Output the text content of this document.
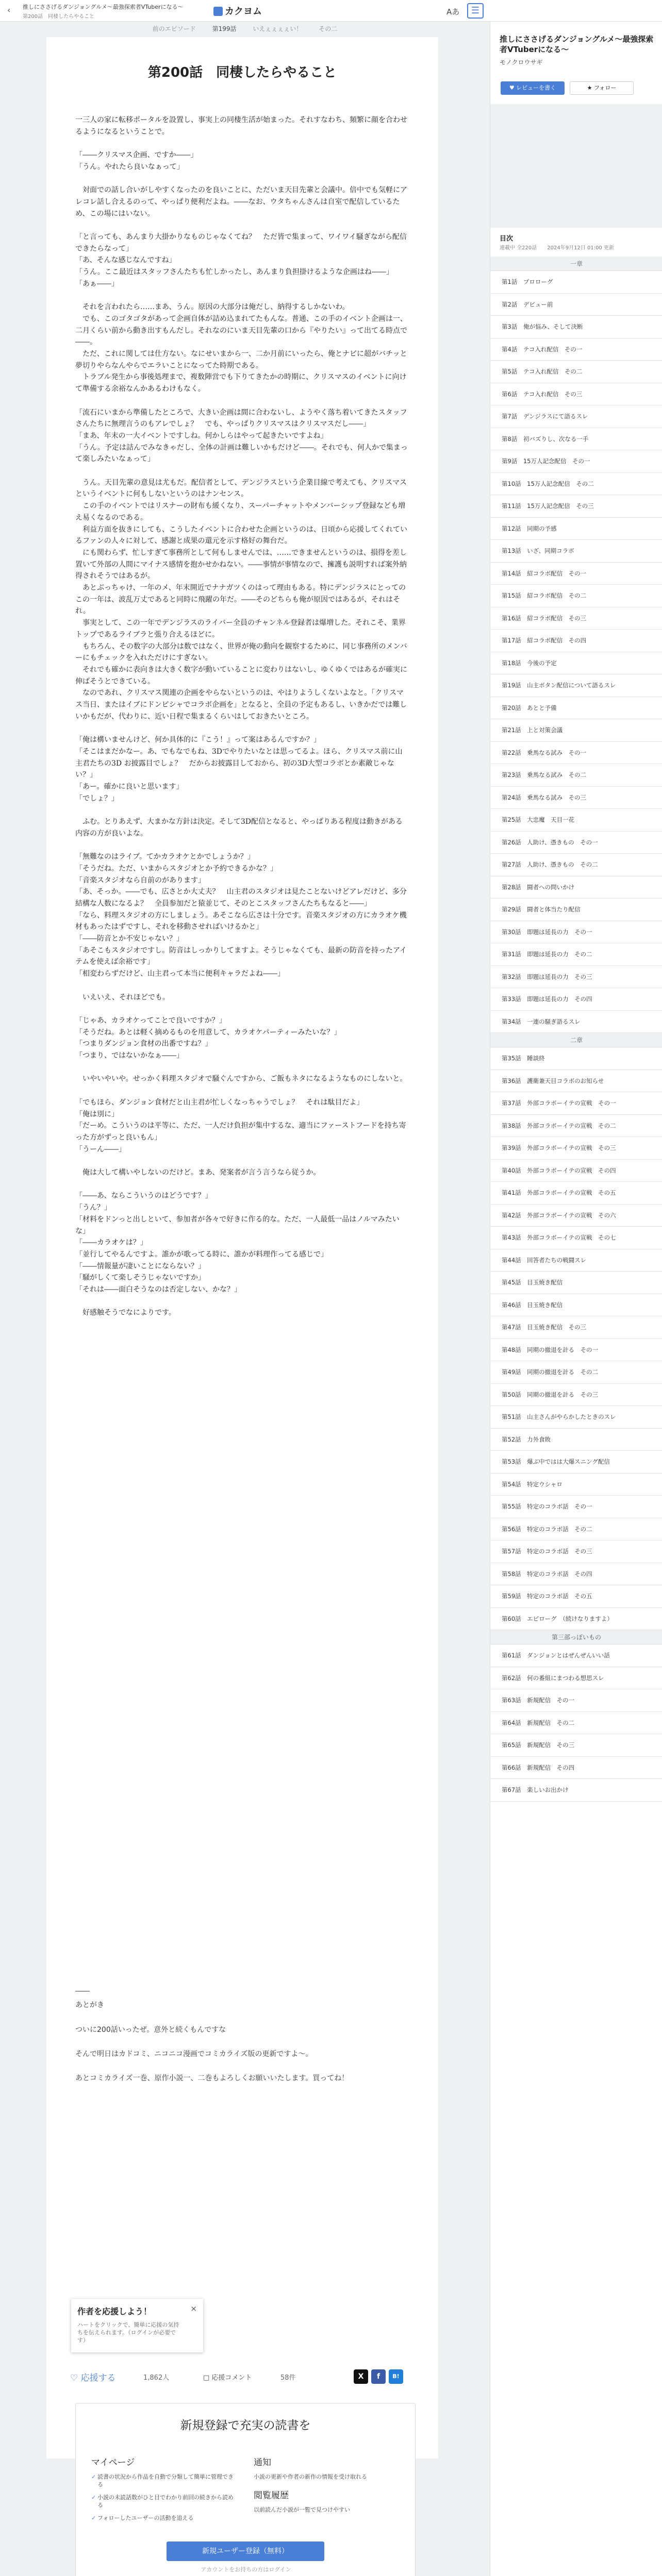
‹ 推しにささげるダンジョングルメ〜最強探索者VTuberになる〜
第200話　同棲したらやること	カクヨム	Aあ	☰
前のエピソード	第199話	いえぇぇぇぇい！	その二
第200話　同棲したらやること

一三人の家に転移ポータルを設置し、事実上の同棲生活が始まった。それすなわち、頻繁に顔を合わせるようになるということで。

「――クリスマス企画、ですか――」

「うん。やれたら良いなぁって」

　対面での話し合いがしやすくなったのを良いことに、ただいま天目先輩と会議中。倍中でも気軽にアレコレ話し合えるのって、やっぱり便利だよね。――なお、ウタちゃんさんは自室で配信しているため、この場にはいない。

「と言っても、あんまり大掛かりなものじゃなくてね？　ただ皆で集まって、ワイワイ騒ぎながら配信できたらなって」

「あ、そんな感じなんですね」

「うん。ここ最近はスタッフさんたちも忙しかったし、あんまり負担掛けるような企画はね――」

「あぁ――」

　それを言われたら……まあ、うん。原因の大部分は俺だし、納得するしかないわ。

　でも、このゴタゴタがあって企画自体が詰め込まれてたもんな。普通、この手のイベント企画は一、二月くらい前から動き出すもんだし。それなのにいま天目先輩の口から『やりたい』って出てる時点で――。

　ただ、これに関しては仕方ない。なにせいまから一、二か月前にいったら、俺とナビに超がバチッと夢切りやらなんやらでエラいことになってた時期である。

　トラブル発生から事後処理まで、複数陣営でも下りてきたかの時期に、クリスマスのイベントに向けて準備する余裕なんかあるわけもなく。

「流石にいまから準備したところで、大きい企画は間に合わないし、ようやく落ち着いてきたスタッフさんたちに無理言うのもアレでしょ？　でも、やっぱりクリスマスはクリスマスだし――」

「まあ、年末の一大イベントですしね。何かしらはやって起きたいですよね」

「うん。予定は詰んでみなきゃだし、全体の計画は難しいかもだけど――。それでも、何人かで集まって楽しみたいなぁって」

　うん。天目先輩の意見は尤もだ。配信者として、デンジラスという企業目線で考えても、クリスマスというイベントに何もしないというのはナンセンス。

　この手のイベントではリスナーの財布も緩くなり、スーパーチャットやメンバーシップ登録なども増え易くなるのである。

　利益方面を抜きにしても、こうしたイベントに合わせた企画というのは、日頃から応援してくれているファンの人々に対して、感謝と成果の還元を示す格好の舞台だ。

　にも関わらず、忙しすぎて事務所として何もしませんでは、……できませんというのは、損得を差し置いて外部の人間にマイナス感情を抱かせかねない。――事情が事情なので、擁護も説明すれば案外納得されそうではあるが。

　あとぶっちゃけ、一年のメ、年末開近でナナガツくのはって理由もある。特にデンジラスにとってのこの一年は、波乱万丈であると同時に飛躍の年だ。――そのどちらも俺が原因ではあるが、それはそれ。

　事実として、この一年でデンジラスのライバー全員のチャンネル登録者は爆増した。それこそ、業界トップであるライブラと張り合えるほどに。

　もちろん、その数字の大部分は数ではなく、世界が俺の動向を観察するために、同じ事務所のメンバーにもチェックを入れただけにすぎない。

　それでも確かに表向きは大きく数字が動いていることに変わりはないし、ゆくゆくではあるが確実に伸ばそうとできている。

　なのであれ、クリスマス関連の企画をやらないというのは、やはりようしくないよなと。「クリスマス当日、またはイブにドンピシャでコラボ企画を」となると、全員の予定もあるし、いきかだでは難しいかもだが、代わりに、近い日程で集まるくらいはしておきたいところ。

「俺は構いませんけど、何か具体的に『こう！』って案はあるんですか？」

「そこはまだかなー。あ、でもなでもね、3Dでやりたいなとは思ってるよ。ほら、クリスマス前に山主君たちの3D お披露目でしょ？　だからお披露目しておから、初の3D大型コラボとか素敵じゃない？」

「あー。確かに良いと思います」

「でしょ？」

　ふむ。とりあえず、大まかな方針は決定。そして3D配信となると、やっぱりある程度は動きがある内容の方が良いよな。

「無難なのはライブ。てかカラオケとかでしょうか？」

「そうだね。ただ、いまからスタジオとか予約できるかな？」

「音楽スタジオなら自前のがあります」

「あ、そっか。――でも、広さとか大丈夫？　山主君のスタジオは見たことないけどアレだけど、多分結構な人数になるよ？　全員参加だと猿並じて、そのとこスタッフさんたちもなると――」

「なら、料理スタジオの方にしましょう。あそこなら広さは十分です。音楽スタジオの方にカラオケ機材もあったはずですし、それを移動させればいけるかと」

「――防音とか不安じゃない？」

「あそこもスタジオですし。防音はしっかりしてますよ。そうじゃなくても、最新の防音を持ったアイテムを使えば余裕です」

「相変わらずだけど、山主君って本当に便利キャラだよね――」

　いえいえ、それほどでも。

「じゃあ、カラオケってことで良いですか？」

「そうだね。あとは軽く摘めるものを用意して、カラオケパーティーみたいな？」

「つまりダンジョン食材の出番ですね？」

「つまり、ではないかなぁ――」

　いやいやいや。せっかく料理スタジオで騒ぐんですから、ご飯もネタになるようなものにしないと。

「でもほら、ダンジョン食材だと山主君が忙しくなっちゃうでしょ？　それは駄目だよ」

「俺は別に」

「だーめ。こういうのは平等に、ただ、一人だけ負担が集中するな、適当にファーストフードを持ち寄った方がずっと良いもん」

「うーん――」

　俺は大して構いやしないのだけど。まあ、発案者が言う言うなら従うか。

「――あ、ならこういうのはどうです？」

「うん？」

「材料をドンっと出しといて、参加者が各々で好きに作る的な。ただ、一人最低一品はノルマみたいな」

「――カラオケは？」

「並行してやるんですよ。誰かが歌ってる時に、誰かが料理作ってる感じで」

「――情報量が凄いことにならない？」

「騒がしくて楽しそうじゃないですか」

「それは――面白そうなのは否定しない、かな？」

　好感触そうでなによりです。

――
あとがき

ついに200話いったぜ。意外と続くもんですな

そんで明日はカドコミ、ニコニコ漫画でコミカライズ版の更新ですよ〜。

あとコミカライズ一巻、原作小説一、二巻もよろしくお願いいたします。買ってね！

作者を応援しよう！
ハートをクリックで、簡単に応援の気持ちを伝えられます。（ログインが必要です）
×
♡ 応援する	1,862人	□ 応援コメント	58件	X	f	B!
新規登録で充実の読書を
マイページ
✓ 読書の状況から作品を自動で分類して簡単に管理できる
✓ 小説の未読話数がひと目でわかり前回の続きから読める
✓ フォローしたユーザーの活動を追える
通知
小説の更新や作者の新作の情報を受け取れる
閲覧履歴
以前読んだ小説が一覧で見つけやすい
新規ユーザー登録（無料）
アカウントをお持ちの方はログイン
推しにささげるダンジョングルメ〜最強探索者VTuberになる〜
モノクロウサギ
♥ レビューを書く	★ フォロー
目次
連載中 全220話　　2024年9月12日 01:00 更新
一章
第1話　プロローグ
第2話　デビュー前
第3話　俺が悩み、そして決断
第4話　テコ入れ配信　その一
第5話　テコ入れ配信　その二
第6話　テコ入れ配信　その三
第7話　デンジラスにて語るスレ
第8話　初バズりし、次なる一手
第9話　15万人記念配信　その一
第10話　15万人記念配信　その二
第11話　15万人記念配信　その三
第12話　同期の予感
第13話　いざ、同期コラボ
第14話　紹コラボ配信　その一
第15話　紹コラボ配信　その二
第16話　紹コラボ配信　その三
第17話　紹コラボ配信　その四
第18話　今後の予定
第19話　山主ボタン配信について語るスレ
第20話　あとと予備
第21話　上と対策会議
第22話　乗馬なる試み　その一
第23話　乗馬なる試み　その二
第24話　乗馬なる試み　その三
第25話　大忠魔　天目一花
第26話　人助け、憑きもの　その一
第27話　人助け、憑きもの　その二
第28話　闘者への問いかけ
第29話　闘者と体当たり配信
第30話　即題は延長の力　その一
第31話　即題は延長の力　その二
第32話　即題は延長の力　その三
第33話　即題は延長の力　その四
第34話　一連の騒ぎ語るスレ
二章
第35話　睡談終
第36話　護衛兼天目コラボのお知らせ
第37話　外部コラボーイテの宣戦　その一
第38話　外部コラボーイテの宣戦　その二
第39話　外部コラボーイテの宣戦　その三
第40話　外部コラボーイテの宣戦　その四
第41話　外部コラボーイテの宣戦　その五
第42話　外部コラボーイテの宣戦　その六
第43話　外部コラボーイテの宣戦　その七
第44話　回答者たちの戦闘スレ
第45話　目玉焼き配信
第46話　目玉焼き配信
第47話　目玉焼き配信　その三
第48話　同期の撤退を計る　その一
第49話　同期の撤退を計る　その二
第50話　同期の撤退を計る　その三
第51話　山主さんがやらかしたときのスレ
第52話　力外食敗
第53話　爆ぶ中ではは大爆スニング配信
第54話　特定ウシャロ
第55話　特定のコラボ話　その一
第56話　特定のコラボ話　その二
第57話　特定のコラボ話　その三
第58話　特定のコラボ話　その四
第59話　特定のコラボ話　その五
第60話　エピローグ　（続けなりますよ）
第三部っぽいもの
第61話　ダンジョンとはぜんぜんいい話
第62話　何の番組にまつわる想思スレ
第63話　新規配信　その一
第64話　新規配信　その二
第65話　新規配信　その三
第66話　新規配信　その四
第67話　楽しいお出かけ
